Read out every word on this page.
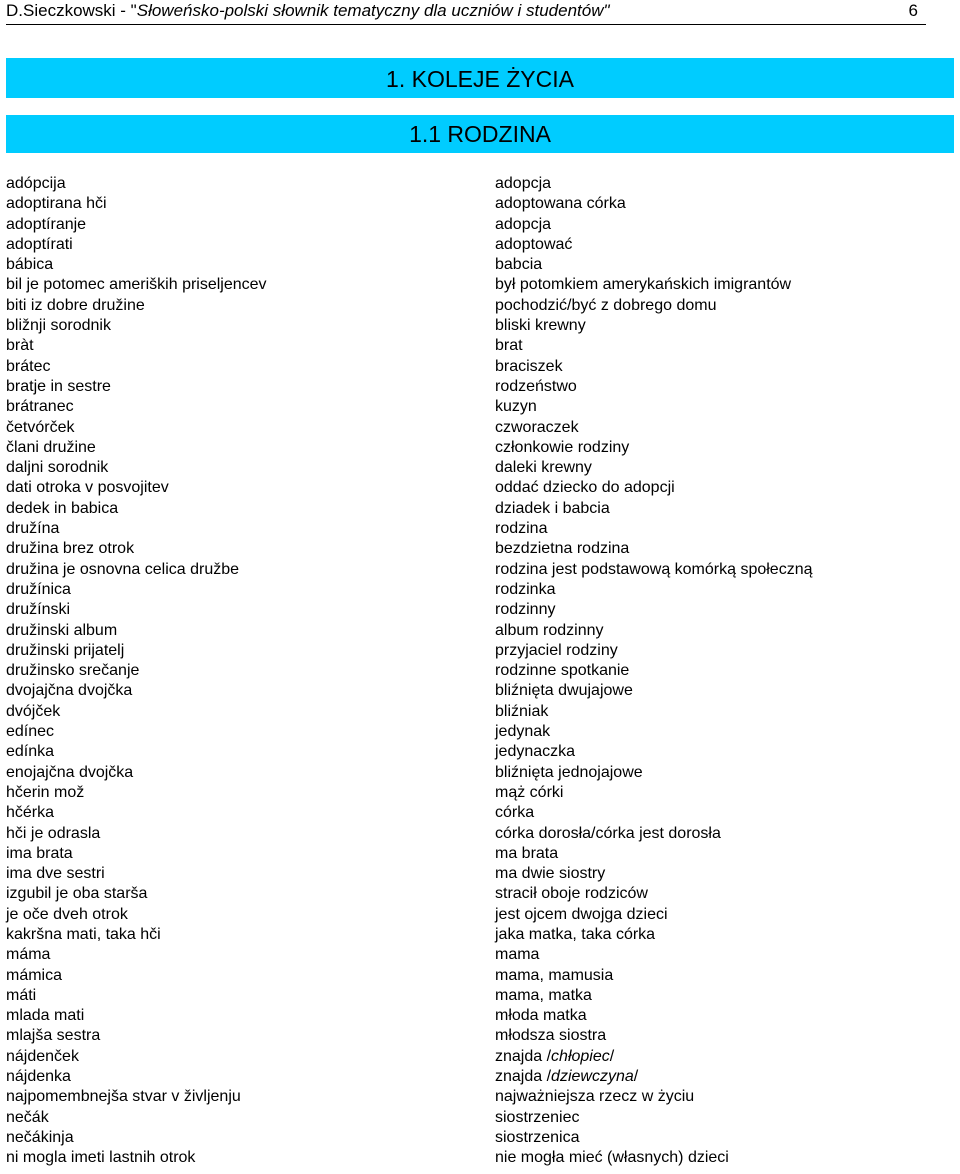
D.Sieczkowski - "Słoweńsko-polski słownik tematyczny dla uczniów i studentów"	6
1. KOLEJE ŻYCIA
1.1 RODZINA
adópcija	adopcja
adoptirana hči	adoptowana córka
adoptíranje	adopcja
adoptírati	adoptować
bábica	babcia
bil je potomec ameriških priseljencev	był potomkiem amerykańskich imigrantów
biti iz dobre družine	pochodzić/być z dobrego domu
bližnji sorodnik	bliski krewny
bràt	brat
brátec	braciszek
bratje in sestre	rodzeństwo
brátranec	kuzyn
četvórček	czworaczek
člani družine	członkowie rodziny
daljni sorodnik	daleki krewny
dati otroka v posvojitev	oddać dziecko do adopcji
dedek in babica	dziadek i babcia
družína	rodzina
družina brez otrok	bezdzietna rodzina
družina je osnovna celica družbe	rodzina jest podstawową komórką społeczną
družínica	rodzinka
družínski	rodzinny
družinski album	album rodzinny
družinski prijatelj	przyjaciel rodziny
družinsko srečanje	rodzinne spotkanie
dvojajčna dvojčka	bliźnięta dwujajowe
dvójček	bliźniak
edínec	jedynak
edínka	jedynaczka
enojajčna dvojčka	bliźnięta jednojajowe
hčerin mož	mąż córki
hčérka	córka
hči je odrasla	córka dorosła/córka jest dorosła
ima brata	ma brata
ima dve sestri	ma dwie siostry
izgubil je oba starša	stracił oboje rodziców
je oče dveh otrok	jest ojcem dwojga dzieci
kakršna mati, taka hči	jaka matka, taka córka
máma	mama
mámica	mama, mamusia
máti	mama, matka
mlada mati	młoda matka
mlajša sestra	młodsza siostra
nájdenček	znajda /chłopiec/
nájdenka	znajda /dziewczyna/
najpomembnejša stvar v življenju	najważniejsza rzecz w życiu
nečák	siostrzeniec
nečákinja	siostrzenica
ni mogla imeti lastnih otrok	nie mogła mieć (własnych) dzieci
